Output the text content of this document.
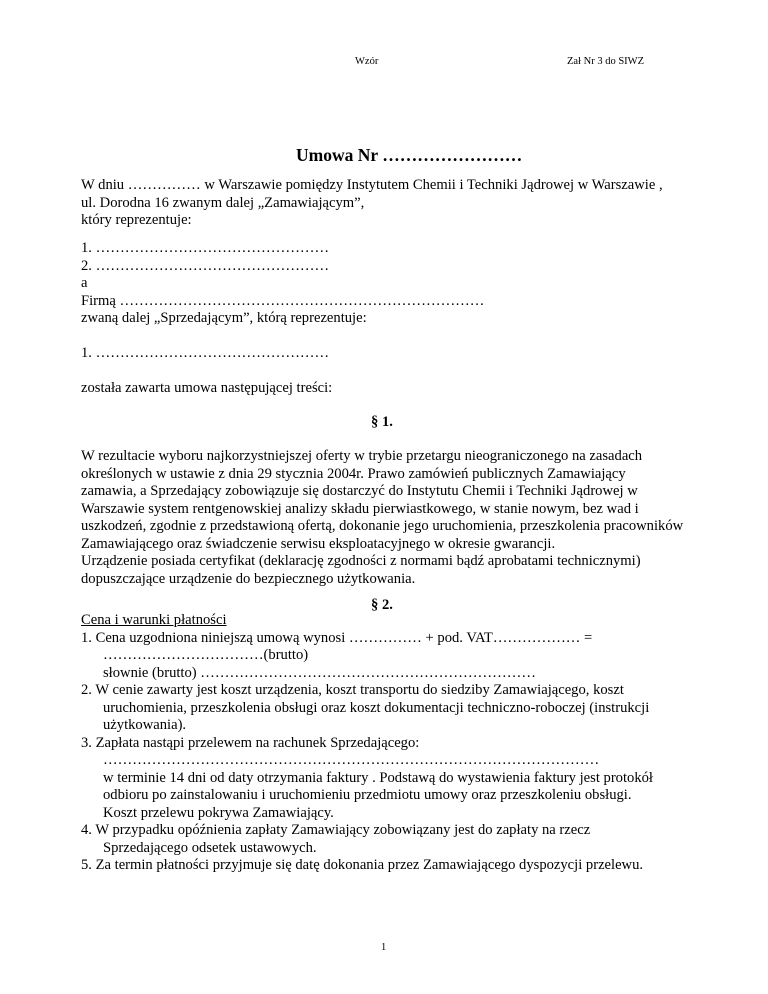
Wzór	Zał Nr 3 do SIWZ
Umowa Nr ……………………
W dniu …………… w Warszawie pomiędzy Instytutem Chemii i Techniki Jądrowej w Warszawie ,
ul. Dorodna 16 zwanym dalej „Zamawiającym”,
który reprezentuje:
1. …………………………………………
2. …………………………………………
a
Firmą …………………………………………………………………
zwaną dalej „Sprzedającym”, którą reprezentuje:
1. …………………………………………
została zawarta umowa następującej treści:
§ 1.
W rezultacie wyboru najkorzystniejszej oferty w trybie przetargu nieograniczonego na zasadach
określonych w ustawie z dnia 29 stycznia 2004r. Prawo zamówień publicznych Zamawiający
zamawia, a Sprzedający zobowiązuje się dostarczyć do Instytutu Chemii i Techniki Jądrowej w
Warszawie system rentgenowskiej analizy składu pierwiastkowego, w stanie nowym, bez wad i
uszkodzeń, zgodnie z przedstawioną ofertą, dokonanie jego uruchomienia, przeszkolenia pracowników
Zamawiającego oraz świadczenie serwisu eksploatacyjnego w okresie gwarancji.
Urządzenie posiada certyfikat (deklarację zgodności z normami bądź aprobatami technicznymi)
dopuszczające urządzenie do bezpiecznego użytkowania.
§ 2.
Cena i warunki płatności
1. Cena uzgodniona niniejszą umową wynosi …………… + pod. VAT……………… =
……………………………(brutto)
słownie (brutto) ……………………………………………………………
2. W cenie zawarty jest koszt urządzenia, koszt transportu do siedziby Zamawiającego, koszt
uruchomienia, przeszkolenia obsługi oraz koszt dokumentacji techniczno-roboczej (instrukcji
użytkowania).
3. Zapłata nastąpi przelewem na rachunek Sprzedającego:
…………………………………………………………………………………………
w terminie 14 dni od daty otrzymania faktury . Podstawą do wystawienia faktury jest protokół
odbioru po zainstalowaniu i uruchomieniu przedmiotu umowy oraz przeszkoleniu obsługi.
Koszt przelewu pokrywa Zamawiający.
4. W przypadku opóźnienia zapłaty Zamawiający zobowiązany jest do zapłaty na rzecz
Sprzedającego odsetek ustawowych.
5. Za termin płatności przyjmuje się datę dokonania przez Zamawiającego dyspozycji przelewu.
1
